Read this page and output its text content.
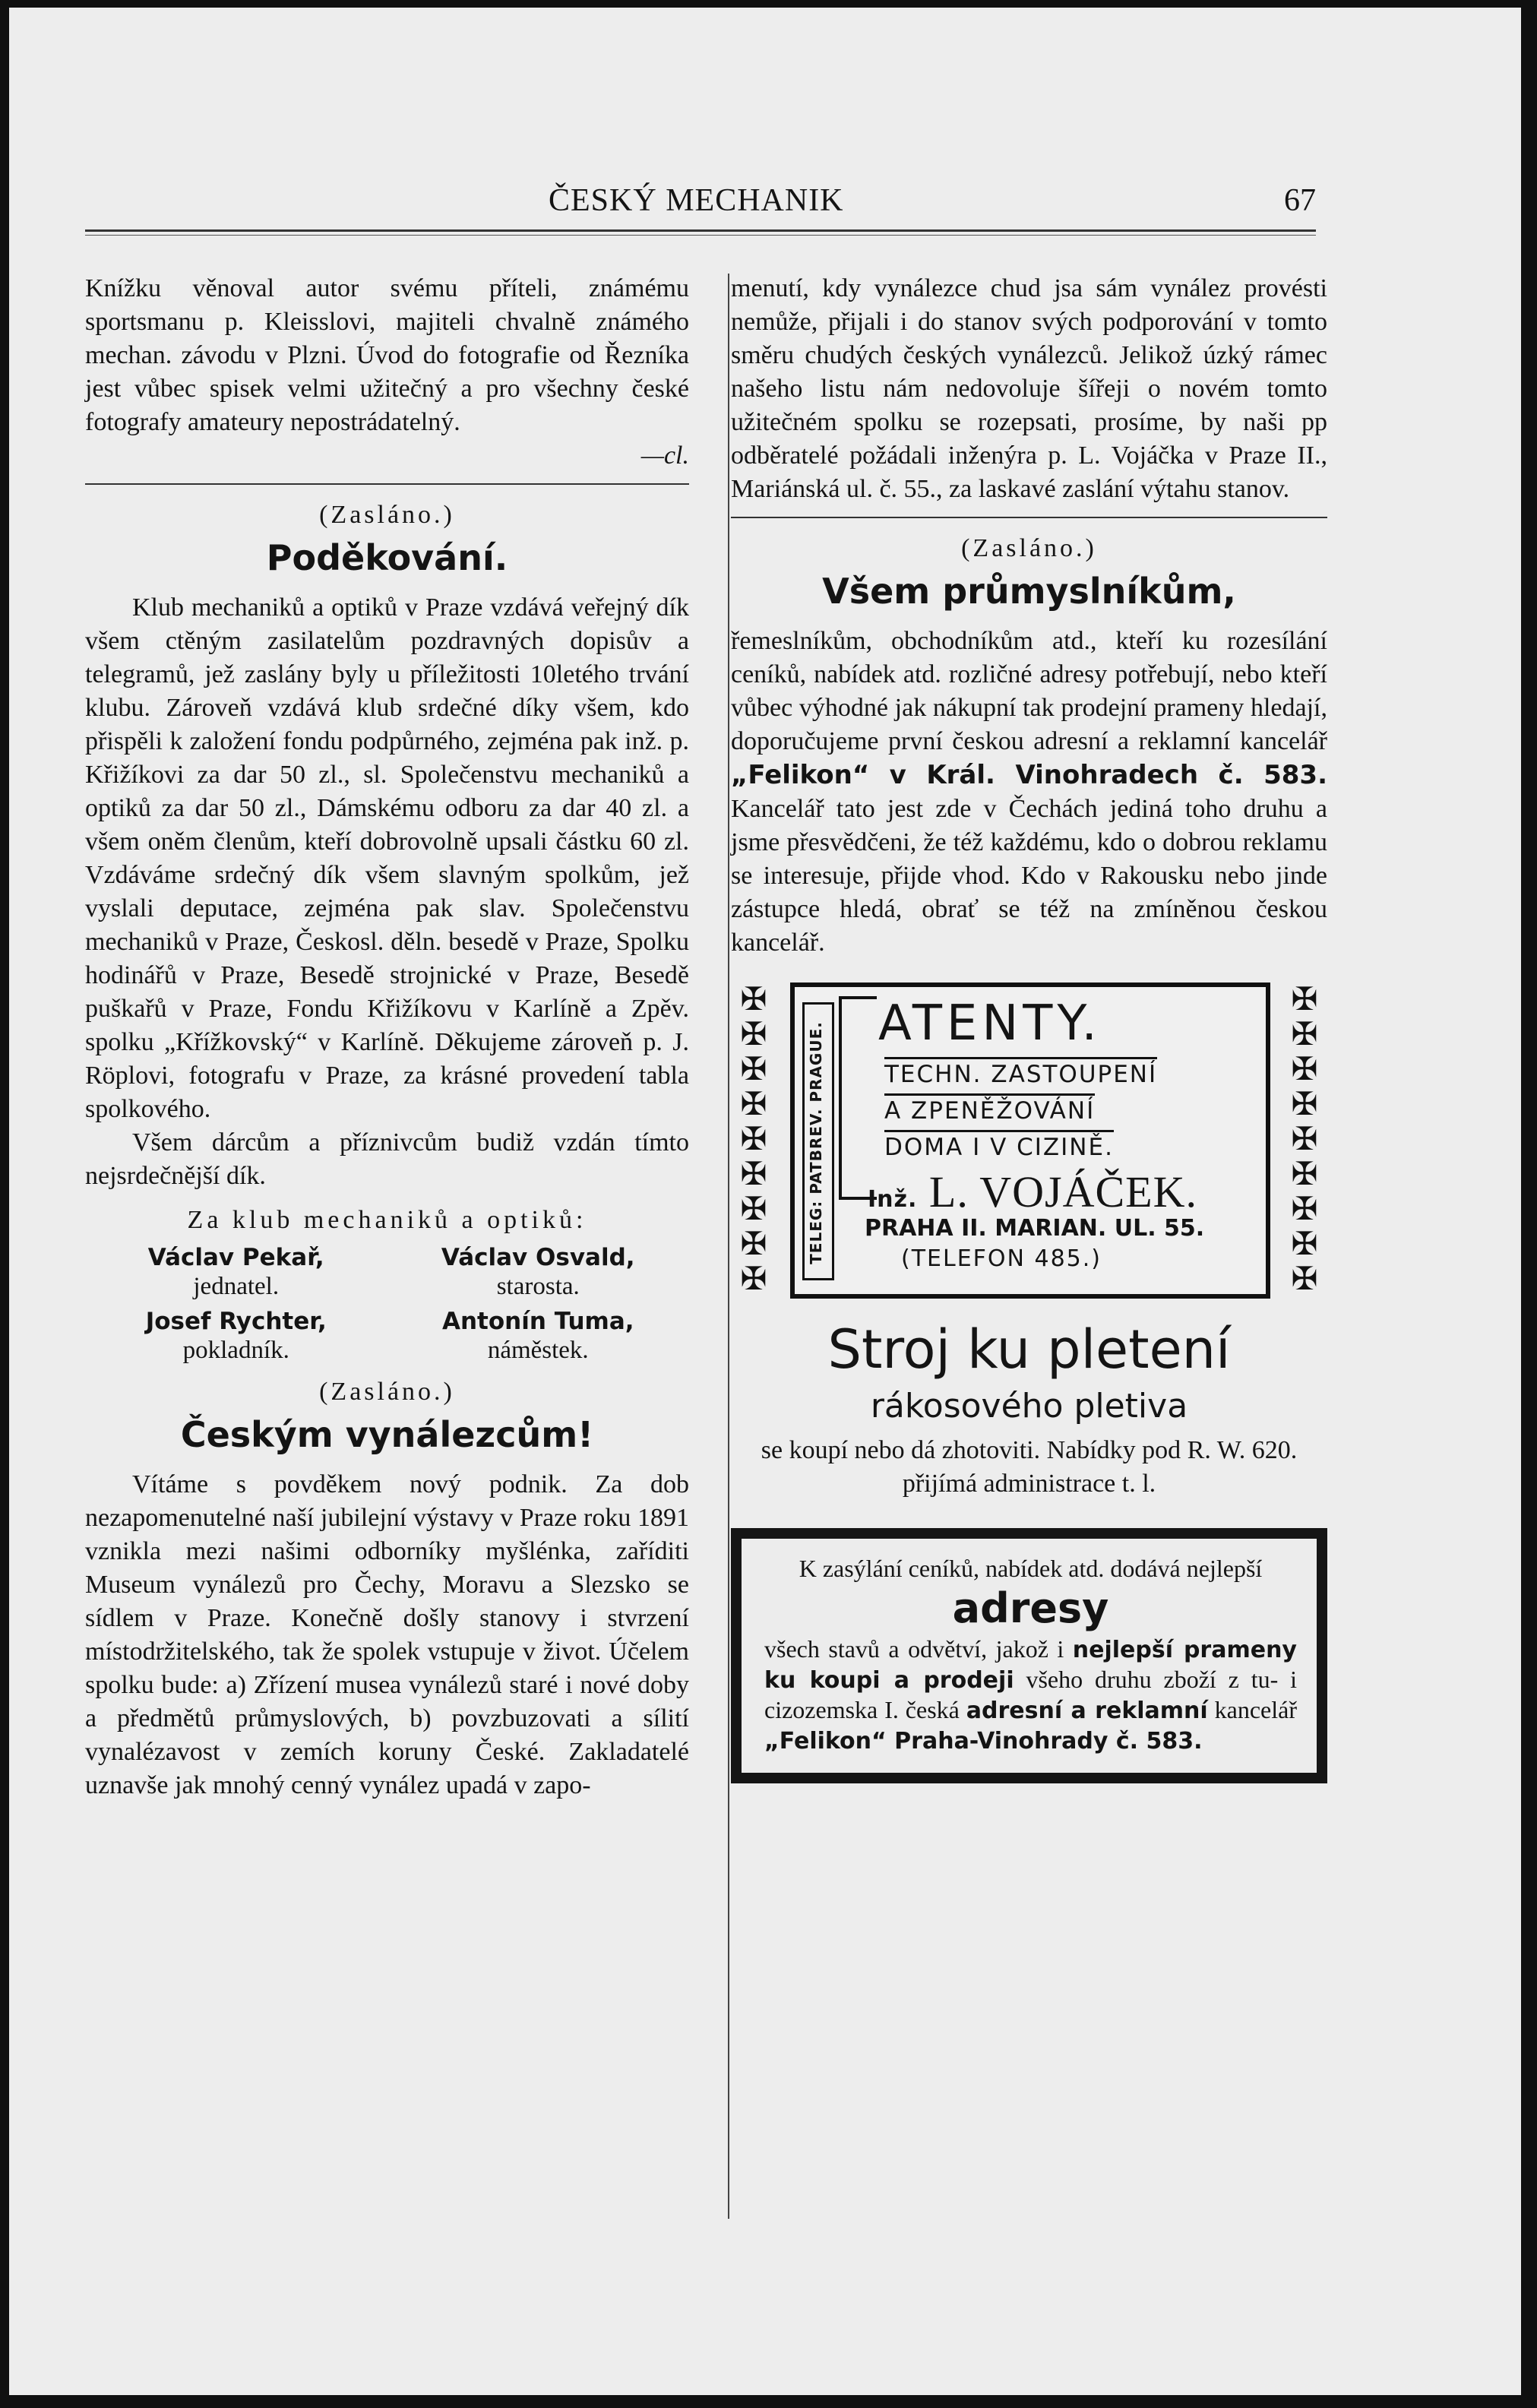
ČESKÝ MECHANIK	67

Knížku věnoval autor svému příteli, známému sportsmanu p. Kleisslovi, majiteli chvalně známého mechan. závodu v Plzni. Úvod do fotografie od Řezníka jest vůbec spisek velmi užitečný a pro všechny české fotografy amateury nepostrádatelný.

—cl.

(Zasláno.)

Poděkování.

Klub mechaniků a optiků v Praze vzdává veřejný dík všem ctěným zasilatelům pozdravných dopisův a telegramů, jež zaslány byly u příležitosti 10letého trvání klubu. Zároveň vzdává klub srdečné díky všem, kdo přispěli k založení fondu podpůrného, zejména pak inž. p. Křižíkovi za dar 50 zl., sl. Společenstvu mechaniků a optiků za dar 50 zl., Dámskému odboru za dar 40 zl. a všem oněm členům, kteří dobrovolně upsali částku 60 zl. Vzdáváme srdečný dík všem slavným spolkům, jež vyslali deputace, zejména pak slav. Společenstvu mechaniků v Praze, Českosl. děln. besedě v Praze, Spolku hodinářů v Praze, Besedě strojnické v Praze, Besedě puškařů v Praze, Fondu Křižíkovu v Karlíně a Zpěv. spolku „Křížkovský“ v Karlíně. Děkujeme zároveň p. J. Röplovi, fotografu v Praze, za krásné provedení tabla spolkového.

Všem dárcům a příznivcům budiž vzdán tímto nejsrdečnější dík.

Za klub mechaniků a optiků:

Václav Pekař,
jednatel.
Václav Osvald,
starosta.
Josef Rychter,
pokladník.
Antonín Tuma,
náměstek.

(Zasláno.)

Českým vynálezcům!

Vítáme s povděkem nový podnik. Za dob nezapomenutelné naší jubilejní výstavy v Praze roku 1891 vznikla mezi našimi odborníky myšlénka, zaříditi Museum vynálezů pro Čechy, Moravu a Slezsko se sídlem v Praze. Konečně došly stanovy i stvrzení místodržitelského, tak že spolek vstupuje v život. Účelem spolku bude: a) Zřízení musea vynálezů staré i nové doby a předmětů průmyslových, b) povzbuzovati a sílití vynalézavost v zemích koruny České. Zakladatelé uznavše jak mnohý cenný vynález upadá v zapo-

menutí, kdy vynálezce chud jsa sám vynález provésti nemůže, přijali i do stanov svých podporování v tomto směru chudých českých vynálezců. Jelikož úzký rámec našeho listu nám nedovoluje šířeji o novém tomto užitečném spolku se rozepsati, prosíme, by naši pp odběratelé požádali inženýra p. L. Vojáčka v Praze II., Mariánská ul. č. 55., za laskavé zaslání výtahu stanov.

(Zasláno.)

Všem průmyslníkům,

řemeslníkům, obchodníkům atd., kteří ku rozesílání ceníků, nabídek atd. rozličné adresy potřebují, nebo kteří vůbec výhodné jak nákupní tak prodejní prameny hledají, doporučujeme první českou adresní a reklamní kancelář „Felikon“ v Král. Vinohradech č. 583. Kancelář tato jest zde v Čechách jediná toho druhu a jsme přesvědčeni, že též každému, kdo o dobrou reklamu se interesuje, přijde vhod. Kdo v Rakousku nebo jinde zástupce hledá, obrať se též na zmíněnou českou kancelář.

✠
✠
✠
✠
✠
✠
✠
✠
✠
TELEG: PATBREV. PRAGUE. ATENTY.
TECHN. ZASTOUPENÍ
A ZPENĚŽOVÁNÍ
DOMA I V CIZINĚ.
Inž. L. VOJÁČEK.
PRAHA II. MARIAN. UL. 55.
(TELEFON 485.)
✠
✠
✠
✠
✠
✠
✠
✠
✠

Stroj ku pletení

rákosového pletiva

se koupí nebo dá zhotoviti. Nabídky pod R. W. 620. přijímá administrace t. l.

K zasýlání ceníků, nabídek atd. dodává nejlepší

adresy

všech stavů a odvětví, jakož i nejlepší prameny ku koupi a prodeji všeho druhu zboží z tu- i cizozemska I. česká adresní a reklamní kancelář „Felikon“ Praha-Vinohrady č. 583.
